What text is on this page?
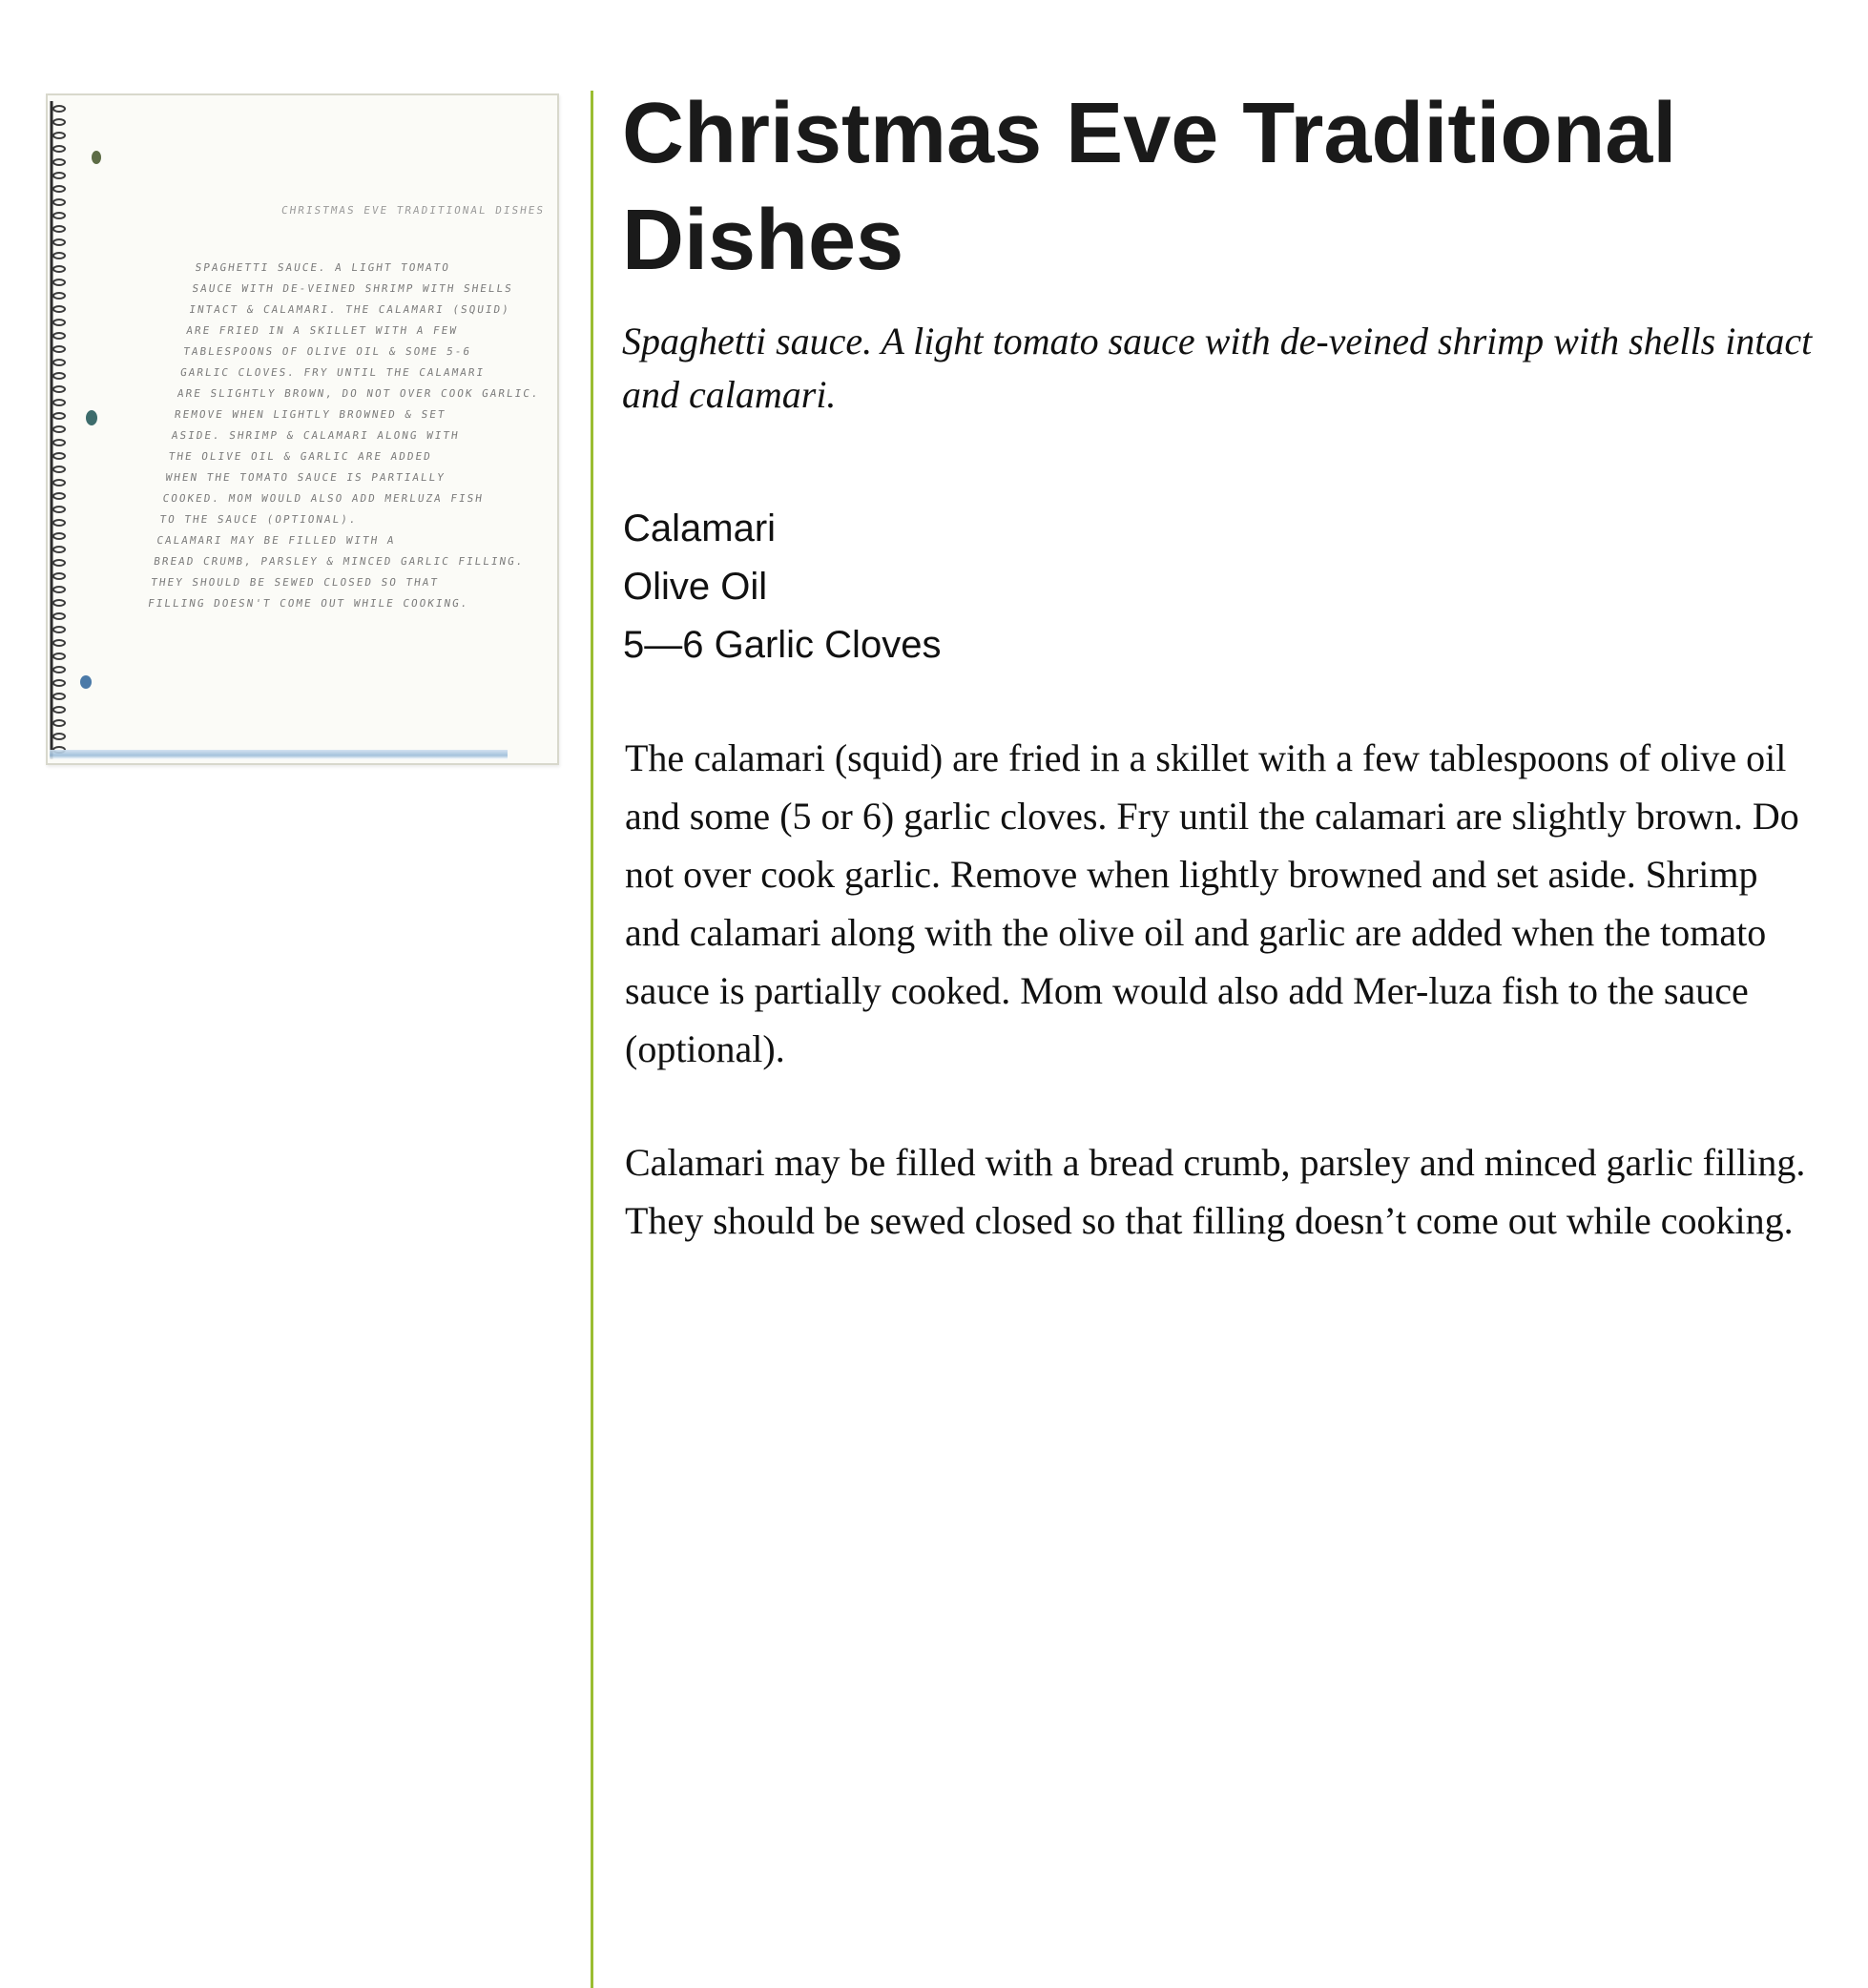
CHRISTMAS EVE TRADITIONAL DISHES
SPAGHETTI SAUCE. A LIGHT TOMATO
SAUCE WITH DE-VEINED SHRIMP WITH SHELLS
INTACT & CALAMARI. THE CALAMARI (SQUID)
ARE FRIED IN A SKILLET WITH A FEW
TABLESPOONS OF OLIVE OIL & SOME 5-6
GARLIC CLOVES. FRY UNTIL THE CALAMARI
ARE SLIGHTLY BROWN, DO NOT OVER COOK GARLIC.
REMOVE WHEN LIGHTLY BROWNED & SET
ASIDE. SHRIMP & CALAMARI ALONG WITH
THE OLIVE OIL & GARLIC ARE ADDED
WHEN THE TOMATO SAUCE IS PARTIALLY
COOKED. MOM WOULD ALSO ADD MERLUZA FISH
TO THE SAUCE (OPTIONAL).
CALAMARI MAY BE FILLED WITH A
BREAD CRUMB, PARSLEY & MINCED GARLIC FILLING.
THEY SHOULD BE SEWED CLOSED SO THAT
FILLING DOESN'T COME OUT WHILE COOKING.
Christmas Eve Traditional Dishes

Spaghetti sauce. A light tomato sauce with de-veined shrimp with shells intact and calamari.

Calamari
Olive Oil
5—6 Garlic Cloves

The calamari (squid) are fried in a skillet with a few tablespoons of olive oil and some (5 or 6) garlic cloves. Fry until the calamari are slightly brown. Do not over cook garlic. Remove when lightly browned and set aside. Shrimp and calamari along with the olive oil and garlic are added when the tomato sauce is partially cooked. Mom would also add Mer-luza fish to the sauce (optional).

Calamari may be filled with a bread crumb, parsley and minced garlic filling. They should be sewed closed so that filling doesn’t come out while cooking.
